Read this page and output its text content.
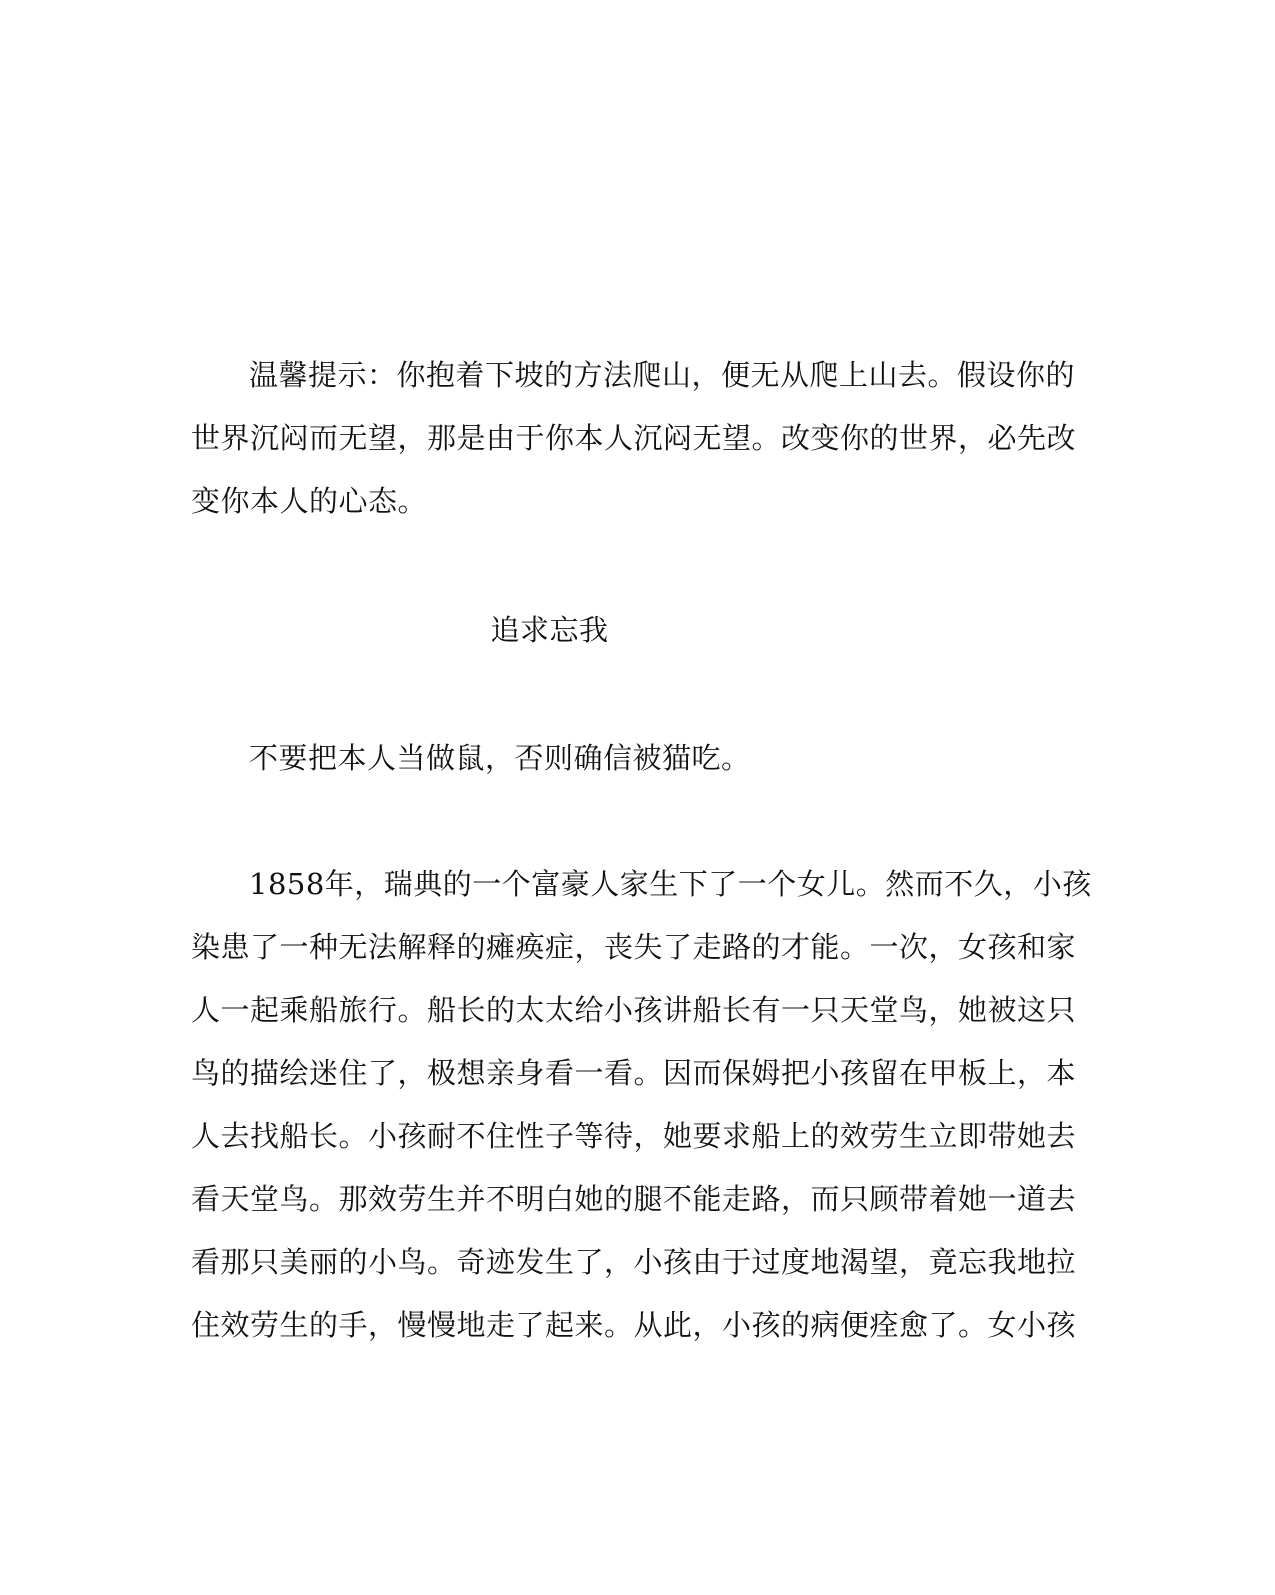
温馨提示：你抱着下坡的方法爬山，便无从爬上山去。假设你的
世界沉闷而无望，那是由于你本人沉闷无望。改变你的世界，必先改
变你本人的心态。

追求忘我

不要把本人当做鼠，否则确信被猫吃。

1858年，瑞典的一个富豪人家生下了一个女儿。然而不久，小孩
染患了一种无法解释的瘫痪症，丧失了走路的才能。一次，女孩和家
人一起乘船旅行。船长的太太给小孩讲船长有一只天堂鸟，她被这只
鸟的描绘迷住了，极想亲身看一看。因而保姆把小孩留在甲板上，本
人去找船长。小孩耐不住性子等待，她要求船上的效劳生立即带她去
看天堂鸟。那效劳生并不明白她的腿不能走路，而只顾带着她一道去
看那只美丽的小鸟。奇迹发生了，小孩由于过度地渴望，竟忘我地拉
住效劳生的手，慢慢地走了起来。从此，小孩的病便痊愈了。女小孩
